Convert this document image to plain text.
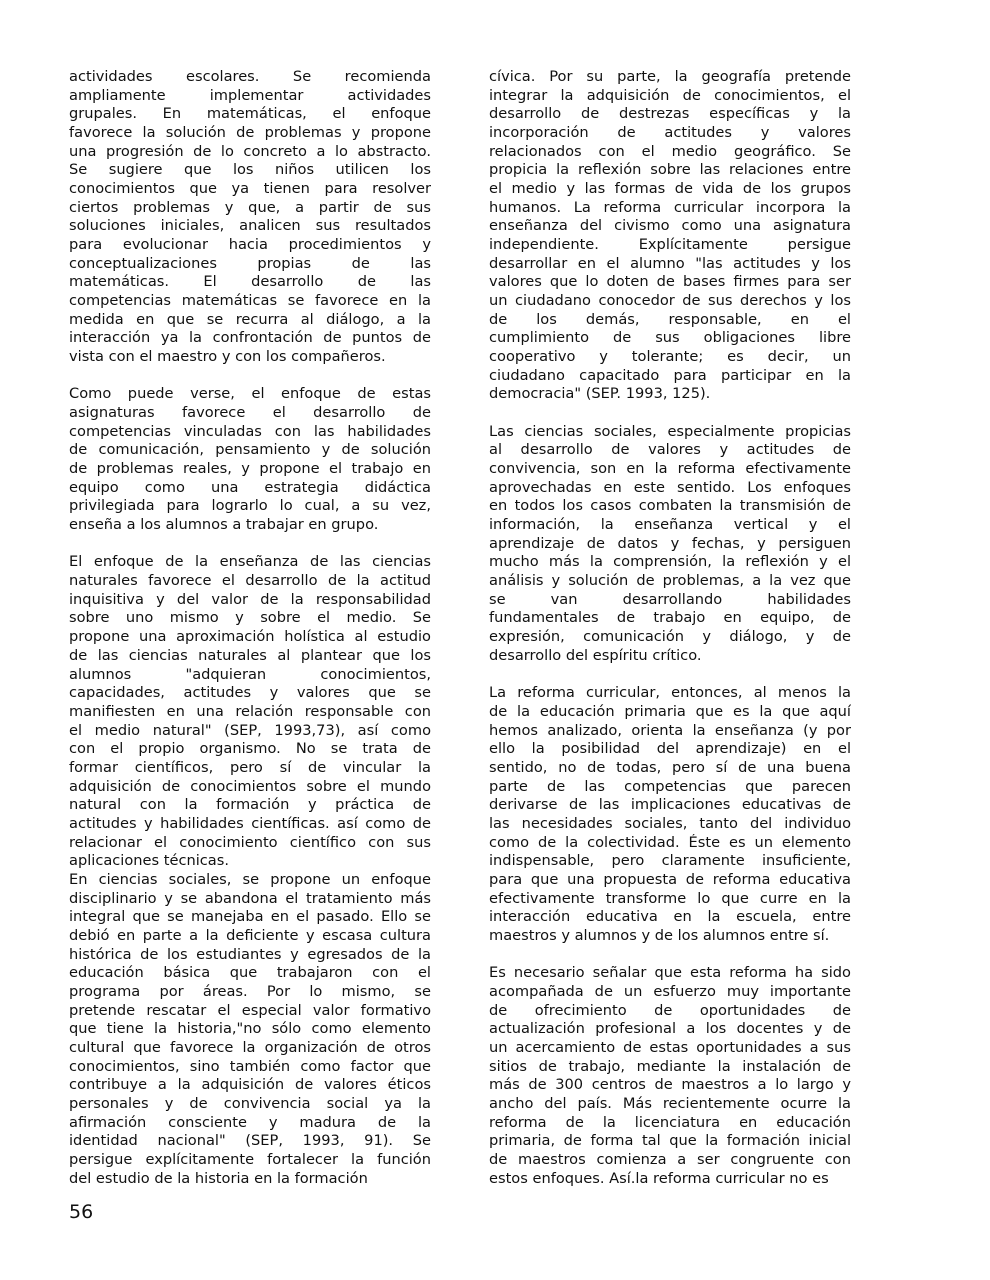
actividades escolares. Se recomienda
ampliamente implementar actividades
grupales. En matemáticas, el enfoque
favorece la solución de problemas y propone
una progresión de lo concreto a lo abstracto.
Se sugiere que los niños utilicen los
conocimientos que ya tienen para resolver
ciertos problemas y que, a partir de sus
soluciones iniciales, analicen sus resultados
para evolucionar hacia procedimientos y
conceptualizaciones propias de las
matemáticas. El desarrollo de las
competencias matemáticas se favorece en la
medida en que se recurra al diálogo, a la
interacción ya la confrontación de puntos de
vista con el maestro y con los compañeros.
Como puede verse, el enfoque de estas
asignaturas favorece el desarrollo de
competencias vinculadas con las habilidades
de comunicación, pensamiento y de solución
de problemas reales, y propone el trabajo en
equipo como una estrategia didáctica
privilegiada para lograrlo lo cual, a su vez,
enseña a los alumnos a trabajar en grupo.
El enfoque de la enseñanza de las ciencias
naturales favorece el desarrollo de la actitud
inquisitiva y del valor de la responsabilidad
sobre uno mismo y sobre el medio. Se
propone una aproximación holística al estudio
de las ciencias naturales al plantear que los
alumnos "adquieran conocimientos,
capacidades, actitudes y valores que se
manifiesten en una relación responsable con
el medio natural" (SEP, 1993,73), así como
con el propio organismo. No se trata de
formar científicos, pero sí de vincular la
adquisición de conocimientos sobre el mundo
natural con la formación y práctica de
actitudes y habilidades científicas. así como de
relacionar el conocimiento científico con sus
aplicaciones técnicas.
En ciencias sociales, se propone un enfoque
disciplinario y se abandona el tratamiento más
integral que se manejaba en el pasado. Ello se
debió en parte a la deficiente y escasa cultura
histórica de los estudiantes y egresados de la
educación básica que trabajaron con el
programa por áreas. Por lo mismo, se
pretende rescatar el especial valor formativo
que tiene la historia,"no sólo como elemento
cultural que favorece la organización de otros
conocimientos, sino también como factor que
contribuye a la adquisición de valores éticos
personales y de convivencia social ya la
afirmación consciente y madura de la
identidad nacional" (SEP, 1993, 91). Se
persigue explícitamente fortalecer la función
del estudio de la historia en la formación
cívica. Por su parte, la geografía pretende
integrar la adquisición de conocimientos, el
desarrollo de destrezas específicas y la
incorporación de actitudes y valores
relacionados con el medio geográfico. Se
propicia la reflexión sobre las relaciones entre
el medio y las formas de vida de los grupos
humanos. La reforma curricular incorpora la
enseñanza del civismo como una asignatura
independiente. Explícitamente persigue
desarrollar en el alumno "las actitudes y los
valores que lo doten de bases firmes para ser
un ciudadano conocedor de sus derechos y los
de los demás, responsable, en el
cumplimiento de sus obligaciones libre
cooperativo y tolerante; es decir, un
ciudadano capacitado para participar en la
democracia" (SEP. 1993, 125).
Las ciencias sociales, especialmente propicias
al desarrollo de valores y actitudes de
convivencia, son en la reforma efectivamente
aprovechadas en este sentido. Los enfoques
en todos los casos combaten la transmisión de
información, la enseñanza vertical y el
aprendizaje de datos y fechas, y persiguen
mucho más la comprensión, la reflexión y el
análisis y solución de problemas, a la vez que
se van desarrollando habilidades
fundamentales de trabajo en equipo, de
expresión, comunicación y diálogo, y de
desarrollo del espíritu crítico.
La reforma curricular, entonces, al menos la
de la educación primaria que es la que aquí
hemos analizado, orienta la enseñanza (y por
ello la posibilidad del aprendizaje) en el
sentido, no de todas, pero sí de una buena
parte de las competencias que parecen
derivarse de las implicaciones educativas de
las necesidades sociales, tanto del individuo
como de la colectividad. Éste es un elemento
indispensable, pero claramente insuficiente,
para que una propuesta de reforma educativa
efectivamente transforme lo que curre en la
interacción educativa en la escuela, entre
maestros y alumnos y de los alumnos entre sí.
Es necesario señalar que esta reforma ha sido
acompañada de un esfuerzo muy importante
de ofrecimiento de oportunidades de
actualización profesional a los docentes y de
un acercamiento de estas oportunidades a sus
sitios de trabajo, mediante la instalación de
más de 300 centros de maestros a lo largo y
ancho del país. Más recientemente ocurre la
reforma de la licenciatura en educación
primaria, de forma tal que la formación inicial
de maestros comienza a ser congruente con
estos enfoques. Así.la reforma curricular no es
56
